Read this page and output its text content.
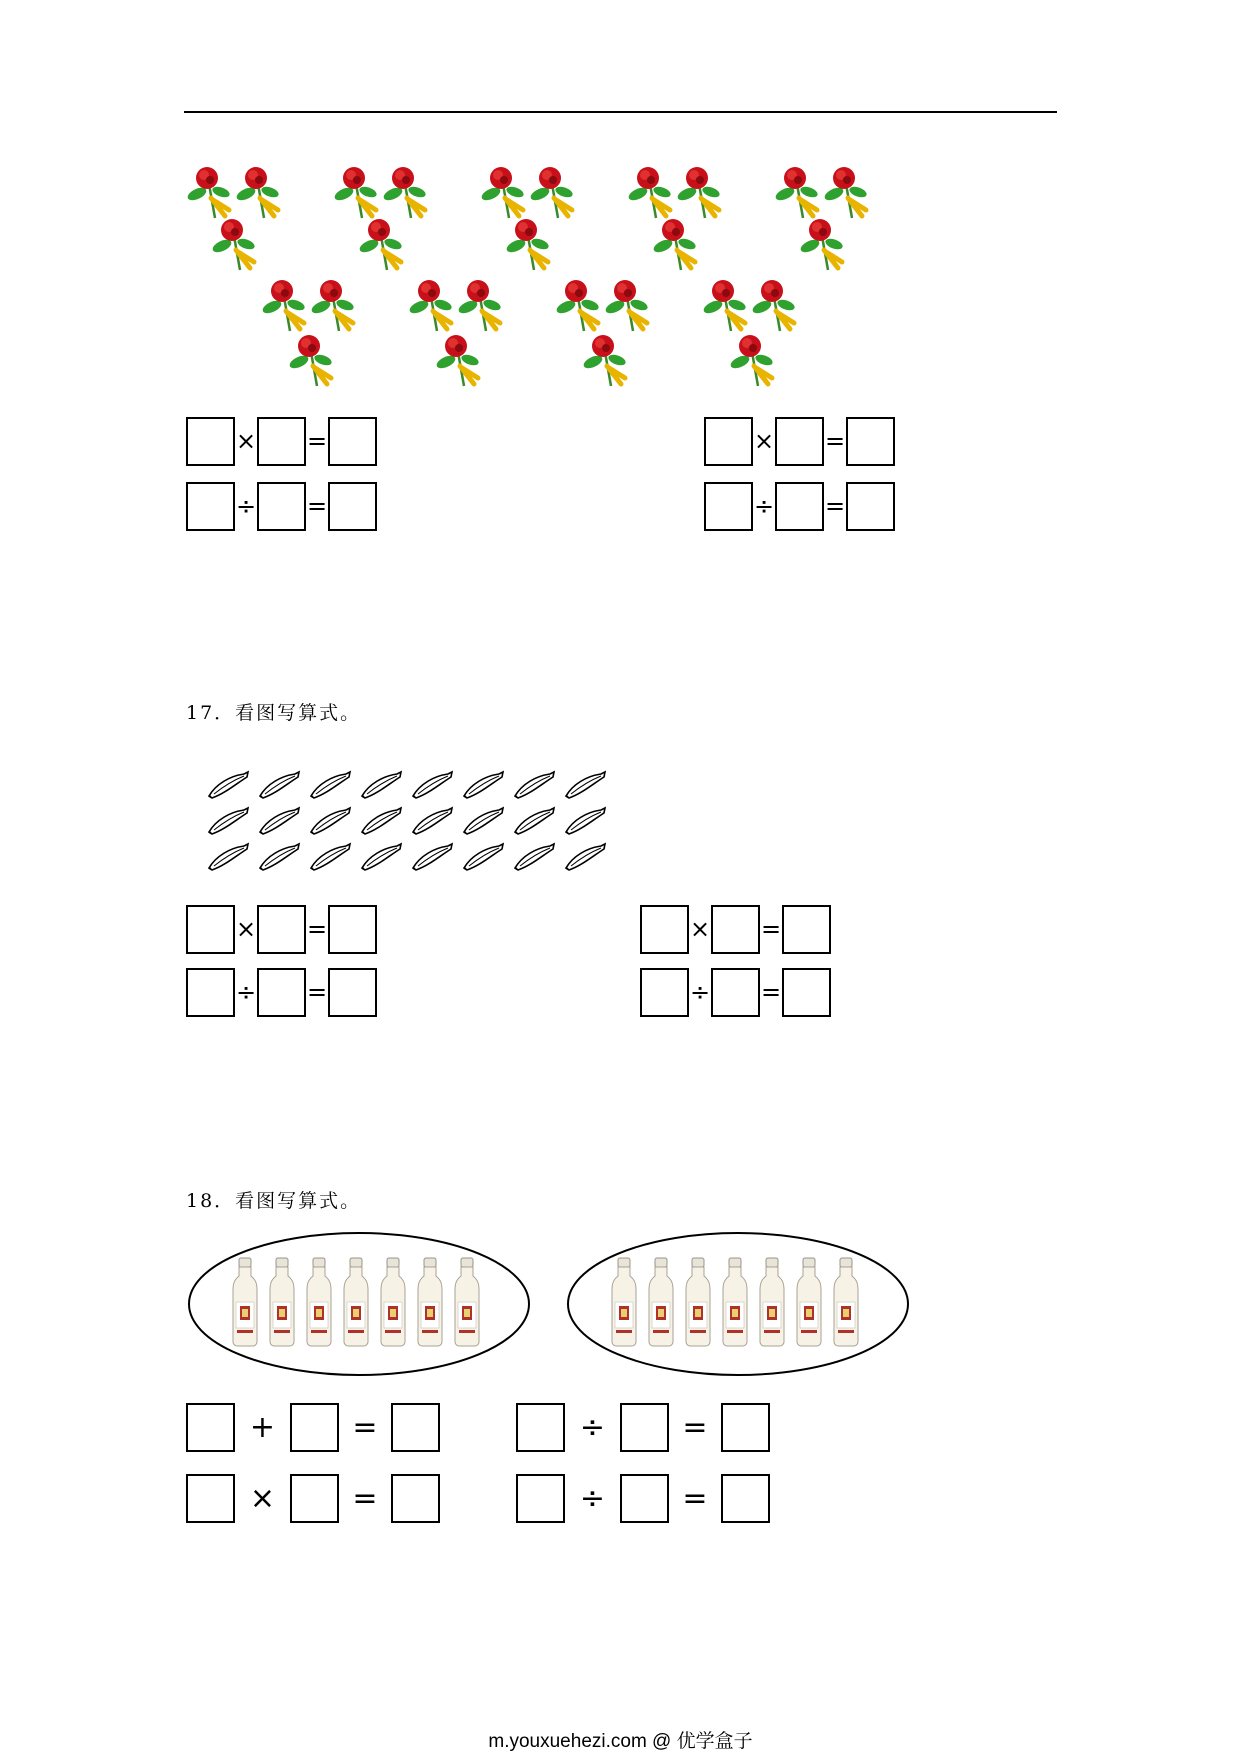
17．看图写算式。
18．看图写算式。
m.youxuehezi.com @ 优学盒子
× =
÷ =
× =
÷ =
× =
÷ =
× =
÷ =
+	=
×	=
÷	=
÷	=
